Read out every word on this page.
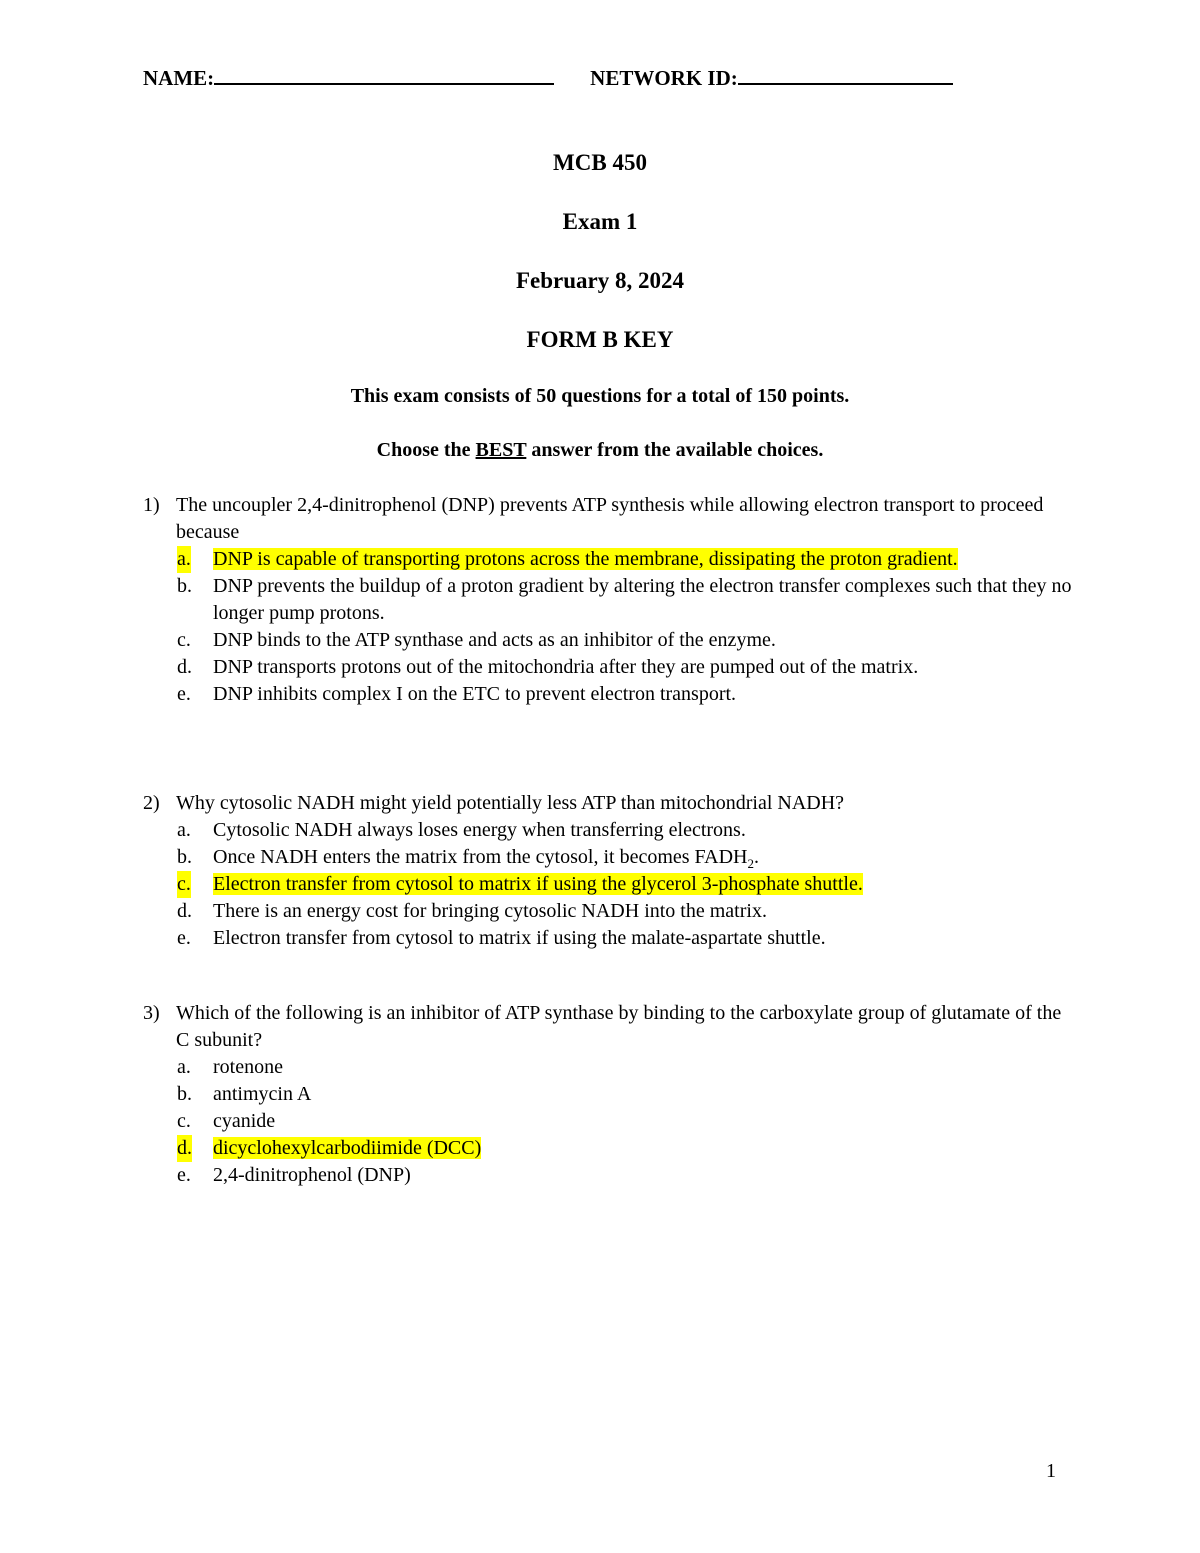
NAME:	NETWORK ID:
MCB 450
Exam 1
February 8, 2024
FORM B KEY
This exam consists of 50 questions for a total of 150 points.
Choose the BEST answer from the available choices.
1) The uncoupler 2,4-dinitrophenol (DNP) prevents ATP synthesis while allowing electron transport to proceed because
a. DNP is capable of transporting protons across the membrane, dissipating the proton gradient.
b. DNP prevents the buildup of a proton gradient by altering the electron transfer complexes such that they no longer pump protons.
c. DNP binds to the ATP synthase and acts as an inhibitor of the enzyme.
d. DNP transports protons out of the mitochondria after they are pumped out of the matrix.
e. DNP inhibits complex I on the ETC to prevent electron transport.
2) Why cytosolic NADH might yield potentially less ATP than mitochondrial NADH?
a. Cytosolic NADH always loses energy when transferring electrons.
b. Once NADH enters the matrix from the cytosol, it becomes $FADH_2$.
c. Electron transfer from cytosol to matrix if using the glycerol 3-phosphate shuttle.
d. There is an energy cost for bringing cytosolic NADH into the matrix.
e. Electron transfer from cytosol to matrix if using the malate-aspartate shuttle.
3) Which of the following is an inhibitor of ATP synthase by binding to the carboxylate group of glutamate of the C subunit?
a. rotenone
b. antimycin A
c. cyanide
d. dicyclohexylcarbodiimide (DCC)
e. 2,4-dinitrophenol (DNP)
1
